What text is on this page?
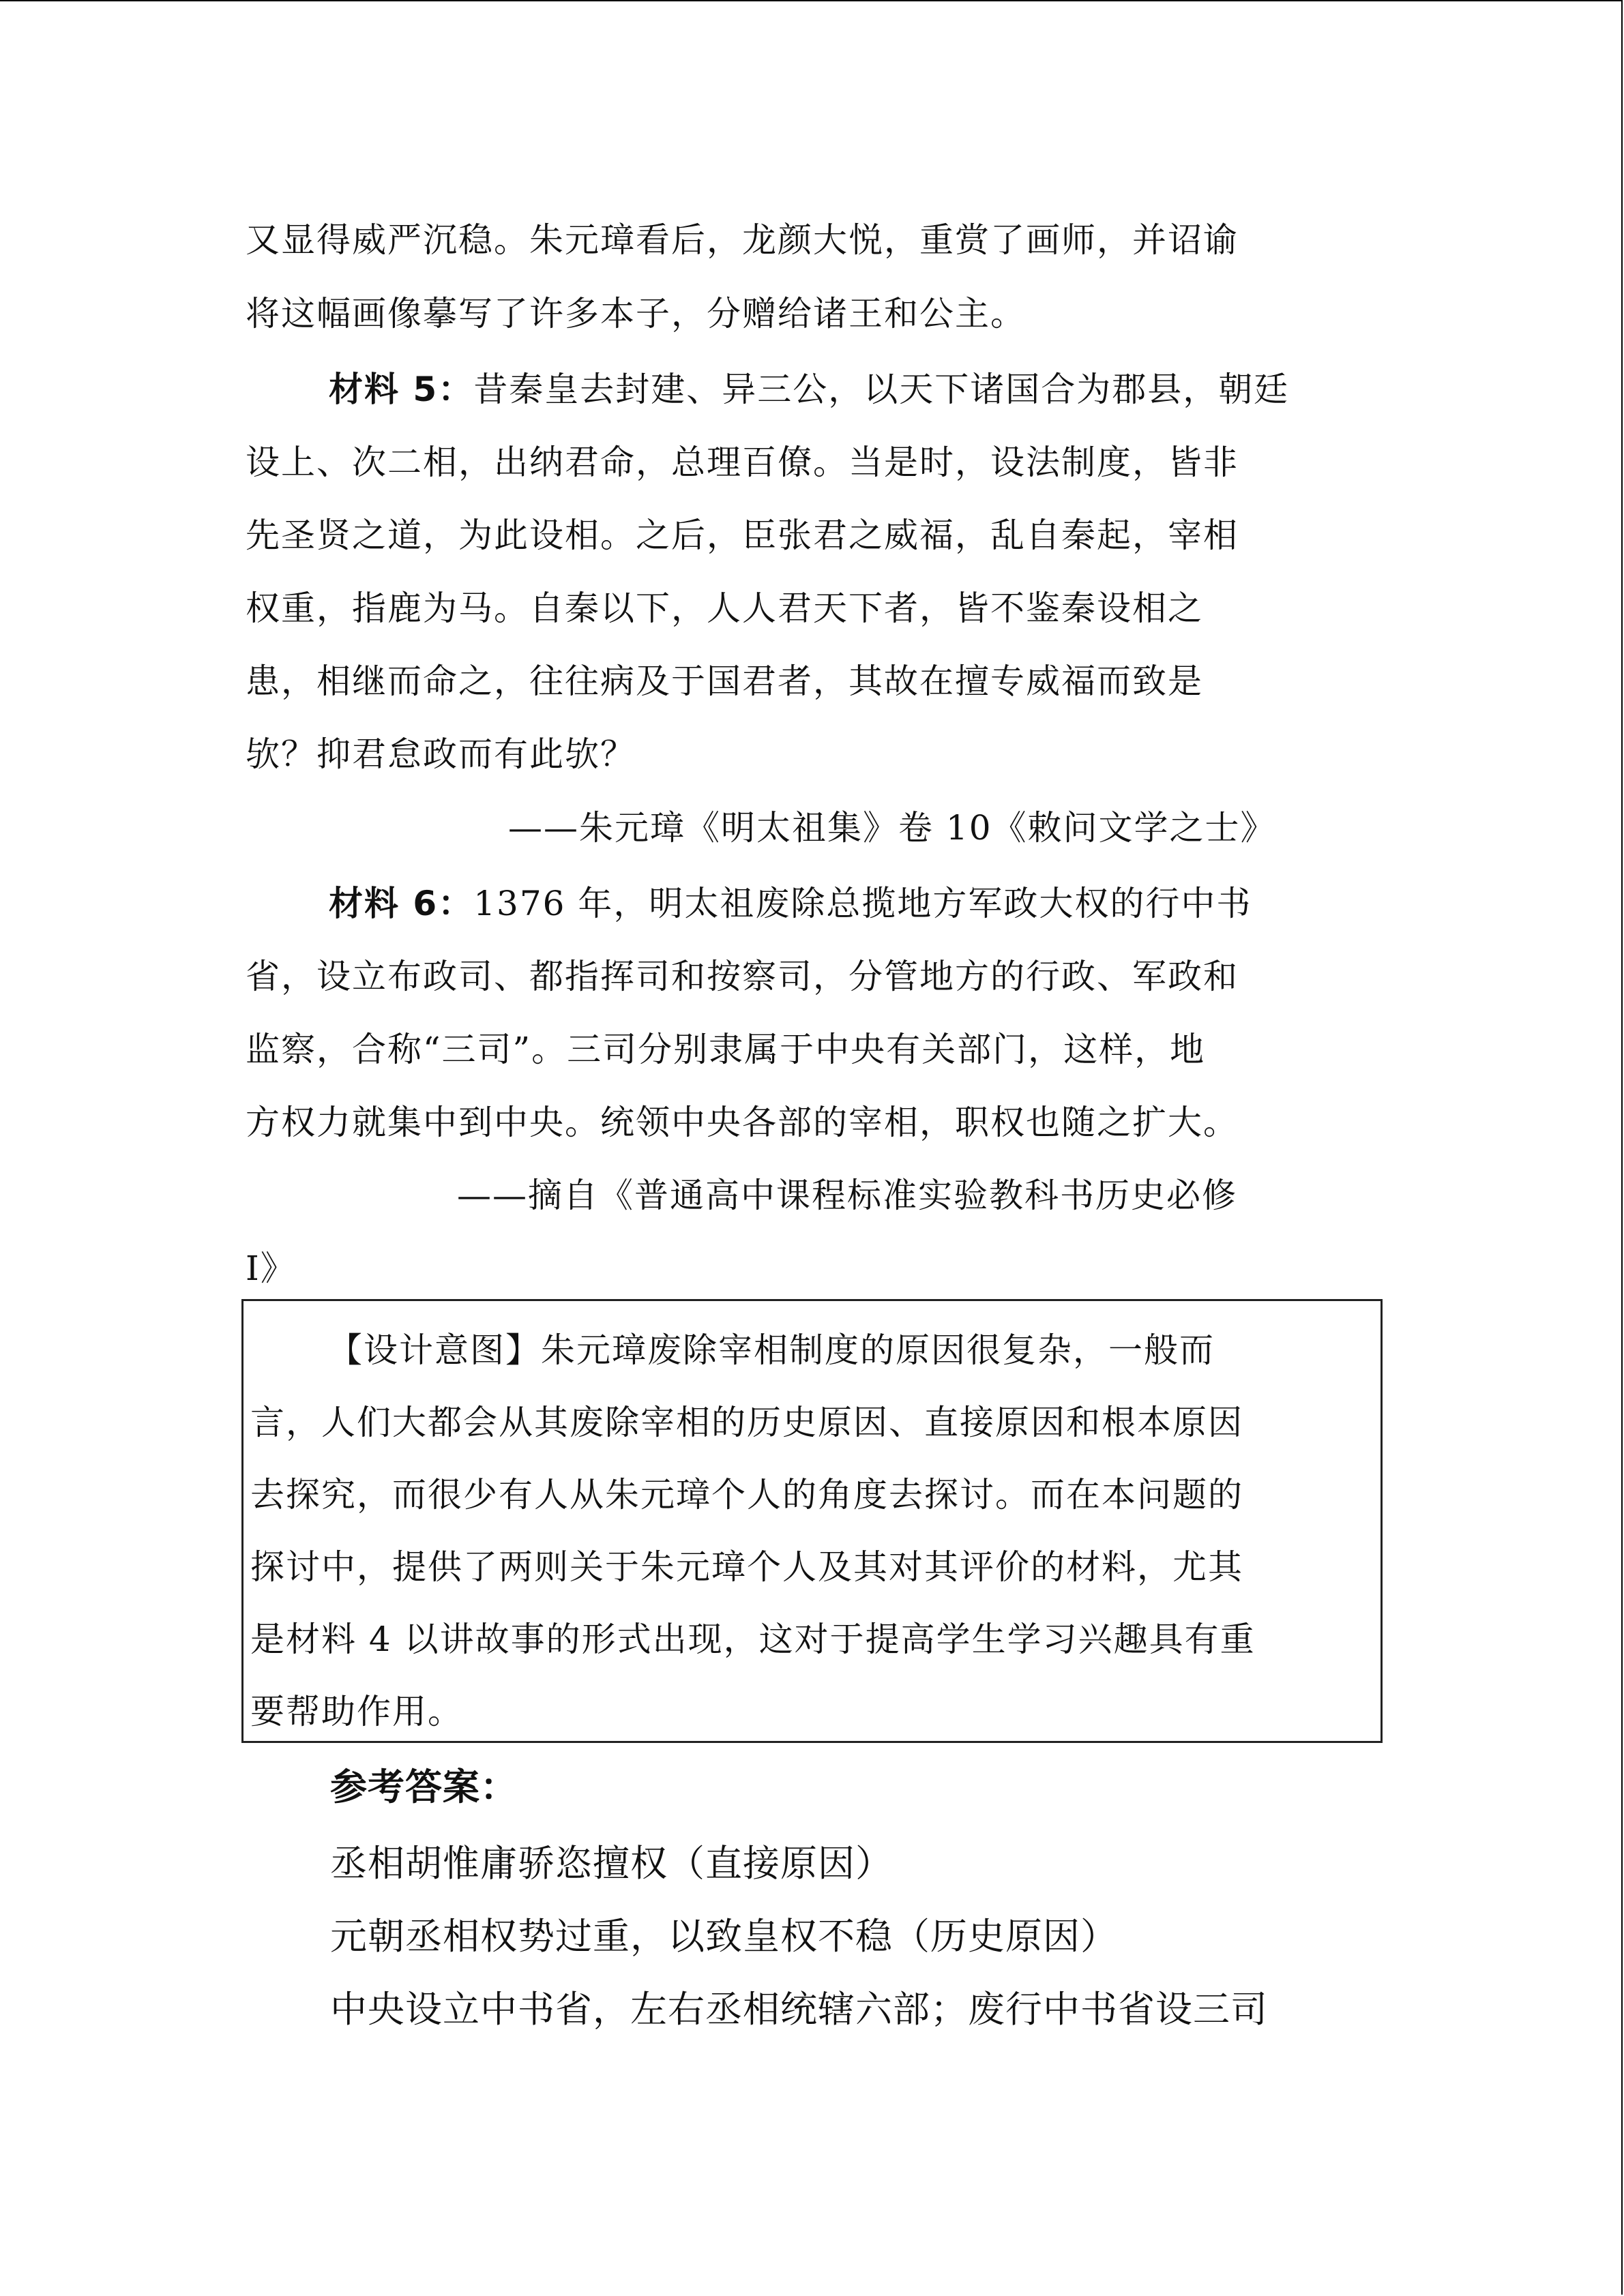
又显得威严沉稳。朱元璋看后，龙颜大悦，重赏了画师，并诏谕
将这幅画像摹写了许多本子，分赠给诸王和公主。
材料 5：昔秦皇去封建、异三公，以天下诸国合为郡县，朝廷
设上、次二相，出纳君命，总理百僚。当是时，设法制度，皆非
先圣贤之道，为此设相。之后，臣张君之威福，乱自秦起，宰相
权重，指鹿为马。自秦以下，人人君天下者，皆不鉴秦设相之
患，相继而命之，往往病及于国君者，其故在擅专威福而致是
欤？抑君怠政而有此欤？
——朱元璋《明太祖集》卷 10《敕问文学之士》
材料 6：1376 年，明太祖废除总揽地方军政大权的行中书
省，设立布政司、都指挥司和按察司，分管地方的行政、军政和
监察，合称“三司”。三司分别隶属于中央有关部门，这样，地
方权力就集中到中央。统领中央各部的宰相，职权也随之扩大。
——摘自《普通高中课程标准实验教科书历史必修
Ⅰ》
【设计意图】朱元璋废除宰相制度的原因很复杂，一般而
言，人们大都会从其废除宰相的历史原因、直接原因和根本原因
去探究，而很少有人从朱元璋个人的角度去探讨。而在本问题的
探讨中，提供了两则关于朱元璋个人及其对其评价的材料，尤其
是材料 4 以讲故事的形式出现，这对于提高学生学习兴趣具有重
要帮助作用。
参考答案：
丞相胡惟庸骄恣擅权（直接原因）
元朝丞相权势过重，以致皇权不稳（历史原因）
中央设立中书省，左右丞相统辖六部；废行中书省设三司
